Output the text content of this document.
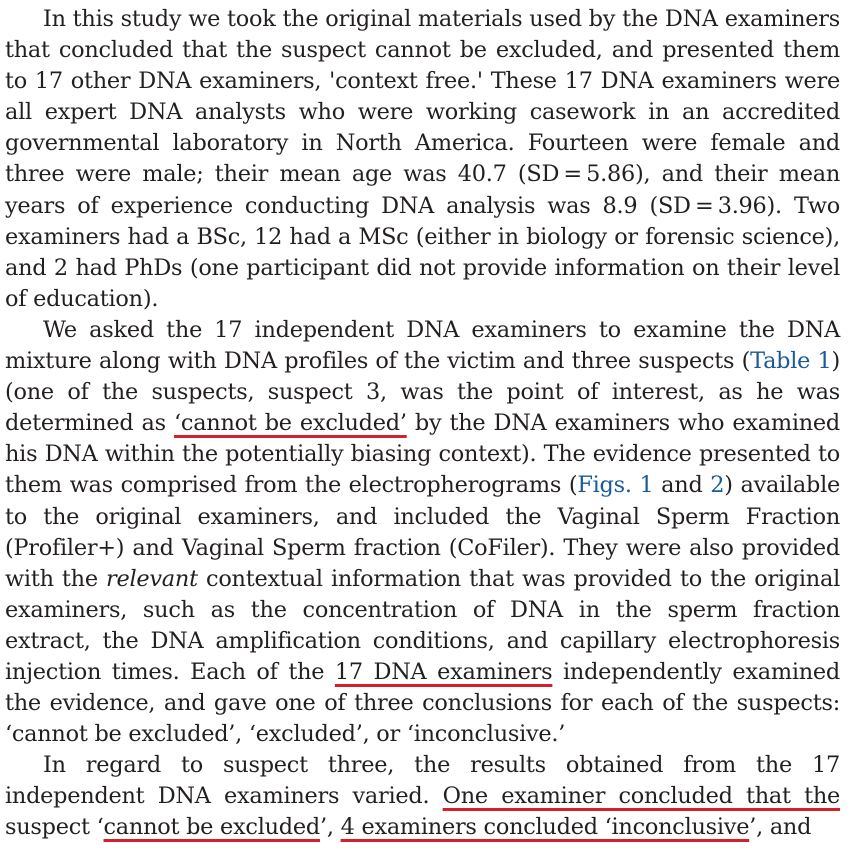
In this study we took the original materials used by the DNA examiners that concluded that the suspect cannot be excluded, and presented them to 17 other DNA examiners, 'context free.' These 17 DNA examiners were all expert DNA analysts who were working casework in an accredited governmental laboratory in North America. Fourteen were female and three were male; their mean age was 40.7 (SD = 5.86), and their mean years of experience conducting DNA analysis was 8.9 (SD = 3.96). Two examiners had a BSc, 12 had a MSc (either in biology or forensic science), and 2 had PhDs (one participant did not provide information on their level of education).

We asked the 17 independent DNA examiners to examine the DNA mixture along with DNA profiles of the victim and three suspects (Table 1) (one of the suspects, suspect 3, was the point of interest, as he was determined as ‘cannot be excluded’ by the DNA examiners who examined his DNA within the potentially biasing context). The evidence presented to them was comprised from the electropherograms (Figs. 1 and 2) available to the original examiners, and included the Vaginal Sperm Fraction (Profiler+) and Vaginal Sperm fraction (CoFiler). They were also provided with the relevant contextual information that was provided to the original examiners, such as the concentration of DNA in the sperm fraction extract, the DNA amplification conditions, and capillary electrophoresis injection times. Each of the 17 DNA examiners independently examined the evidence, and gave one of three conclusions for each of the suspects: ‘cannot be excluded’, ‘excluded’, or ‘inconclusive.’

In regard to suspect three, the results obtained from the 17 independent DNA examiners varied. One examiner concluded that the suspect ‘cannot be excluded’, 4 examiners concluded ‘inconclusive’, and
